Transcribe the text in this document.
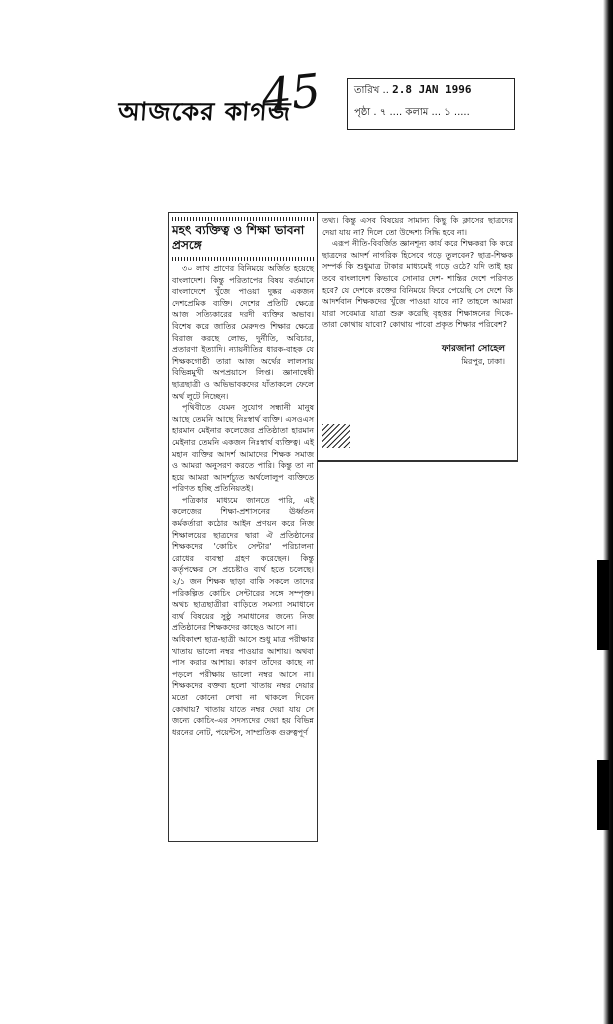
আজকের কাগজ
45	তারিখ .. 2.8 JAN 1996
পৃষ্ঠা . ৭ .... কলাম ... ১ .....
মহৎ ব্যক্তিত্ব ও শিক্ষা ভাবনা প্রসঙ্গে

৩০ লাখ প্রাণের বিনিময়ে অর্জিত হয়েছে বাংলাদেশ। কিন্তু পরিতাপের বিষয় বর্তমানে বাংলাদেশে খুঁজে পাওয়া দুষ্কর একজন দেশপ্রেমিক ব্যক্তি। দেশের প্রতিটি ক্ষেত্রে আজ সত্যিকারের দরদী ব্যক্তির অভাব। বিশেষ করে জাতির মেরুদণ্ড শিক্ষার ক্ষেত্রে বিরাজ করছে লোভ, দুর্নীতি, অবিচার, প্রতারণা ইত্যাদি। ন্যায়নীতির ধারক-বাহক যে শিক্ষকগোষ্ঠী তারা আজ অর্থের লালসায় বিভিন্নমুখী অপপ্রয়াসে লিপ্ত। জ্ঞানান্বেষী ছাত্রছাত্রী ও অভিভাবকদের যাঁতাকলে ফেলে অর্থ লুটে নিচ্ছেন।

পৃথিবীতে যেমন সুযোগ সন্ধানী মানুষ আছে তেমনি আছে নিঃস্বার্থ ব্যক্তি। এসওএস হারমান মেইনার কলেজের প্রতিষ্ঠাতা হারমান মেইনার তেমনি একজন নিঃস্বার্থ ব্যক্তিত্ব। এই মহান ব্যক্তির আদর্শ আমাদের শিক্ষক সমাজ ও আমরা অনুসরণ করতে পারি। কিন্তু তা না হয়ে আমরা আদর্শচ্যুত অর্থলোলুপ ব্যক্তিতে পরিণত হচ্ছি প্রতিনিয়তই।

পত্রিকার মাধ্যমে জানতে পারি, এই কলেজের শিক্ষা-প্রশাসনের ঊর্ধ্বতন কর্মকর্তারা কঠোর আইন প্রণয়ন করে নিজ শিক্ষালয়ের ছাত্রদের দ্বারা ঐ প্রতিষ্ঠানের শিক্ষকদের 'কোচিং সেন্টার' পরিচালনা রোধের ব্যবস্থা গ্রহণ করেছেন। কিন্তু কর্তৃপক্ষের সে প্রচেষ্টাও ব্যর্থ হতে চলেছে। ২/১ জন শিক্ষক ছাড়া বাকি সকলে তাদের পরিকল্পিত কোচিং সেন্টারের সঙ্গে সম্পৃক্ত। অথচ ছাত্রছাত্রীরা বাড়িতে সমস্যা সমাধানে ব্যর্থ বিষয়ের সুষ্ঠু সমাধানের জন্যে নিজ প্রতিষ্ঠানের শিক্ষকদের কাছেও আসে না।

অধিকাংশ ছাত্র-ছাত্রী আসে শুধু মাত্র পরীক্ষার খাতায় ভালো নম্বর পাওয়ার আশায়। অথবা পাস করার আশায়। কারণ তাঁদের কাছে না পড়লে পরীক্ষায় ভালো নম্বর আসে না। শিক্ষকদের বক্তব্য হলো খাতায় নম্বর দেয়ার মতো কোনো লেখা না থাকলে দিবেন কোথায়? খাতায় যাতে নম্বর দেয়া যায় সে জন্যে কোচিং-এর সদস্যদের দেয়া হয় বিভিন্ন ধরনের নোট, পয়েন্টস, সাম্প্রতিক গুরুত্বপূর্ণ

তথ্য। কিন্তু এসব বিষয়ের সামান্য কিছু কি ক্লাসের ছাত্রদের দেয়া যায় না? দিলে তো উদ্দেশ্য সিদ্ধি হবে না।

এরূপ নীতি-বিবর্জিত জ্ঞানশূন্য কার্য করে শিক্ষকরা কি করে ছাত্রদের আদর্শ নাগরিক হিসেবে গড়ে তুলবেন? ছাত্র-শিক্ষক সম্পর্ক কি শুধুমাত্র টাকার মাধ্যমেই গড়ে ওঠে? যদি তাই হয় তবে বাংলাদেশ কিভাবে সোনার দেশ- শান্তির দেশে পরিণত হবে? যে দেশকে রক্তের বিনিময়ে ফিরে পেয়েছি সে দেশে কি আদর্শবান শিক্ষকদের খুঁজে পাওয়া যাবে না? তাহলে আমরা যারা সবেমাত্র যাত্রা শুরু করেছি বৃহত্তর শিক্ষাঙ্গনের দিকে-তারা কোথায় যাবো? কোথায় পাবো প্রকৃত শিক্ষার পরিবেশ?

ফারজানা সোহেল
মিরপুর, ঢাকা।
